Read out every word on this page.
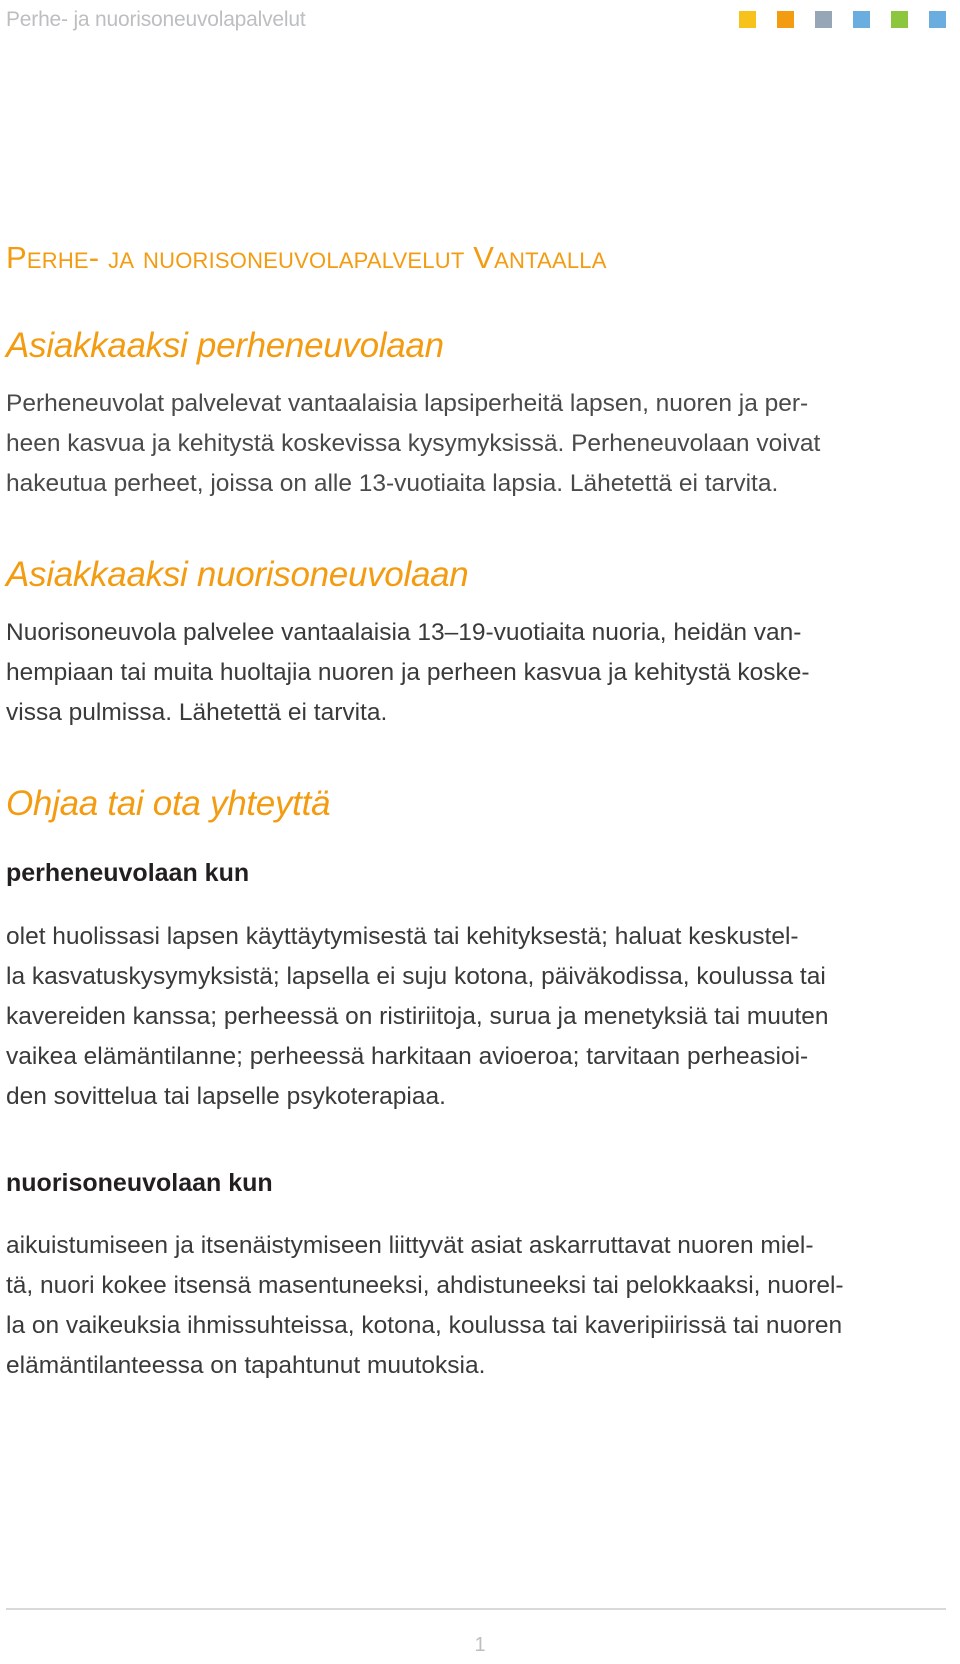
Perhe- ja nuorisoneuvolapalvelut
Perhe- ja nuorisoneuvolapalvelut Vantaalla
Asiakkaaksi perheneuvolaan
Perheneuvolat palvelevat vantaalaisia lapsiperheitä lapsen, nuoren ja per-
heen kasvua ja kehitystä koskevissa kysymyksissä. Perheneuvolaan voivat
hakeutua perheet, joissa on alle 13-vuotiaita lapsia. Lähetettä ei tarvita.
Asiakkaaksi nuorisoneuvolaan
Nuorisoneuvola palvelee vantaalaisia 13–19-vuotiaita nuoria, heidän van-
hempiaan tai muita huoltajia nuoren ja perheen kasvua ja kehitystä koske-
vissa pulmissa. Lähetettä ei tarvita.
Ohjaa tai ota yhteyttä
perheneuvolaan kun
olet huolissasi lapsen käyttäytymisestä tai kehityksestä; haluat keskustel-
la kasvatuskysymyksistä; lapsella ei suju kotona, päiväkodissa, koulussa tai
kavereiden kanssa; perheessä on ristiriitoja, surua ja menetyksiä tai muuten
vaikea elämäntilanne; perheessä harkitaan avioeroa; tarvitaan perheasioi-
den sovittelua tai lapselle psykoterapiaa.
nuorisoneuvolaan kun
aikuistumiseen ja itsenäistymiseen liittyvät asiat askarruttavat nuoren miel-
tä, nuori kokee itsensä masentuneeksi, ahdistuneeksi tai pelokkaaksi, nuorel-
la on vaikeuksia ihmissuhteissa, kotona, koulussa tai kaveripiirissä tai nuoren
elämäntilanteessa on tapahtunut muutoksia.
1
